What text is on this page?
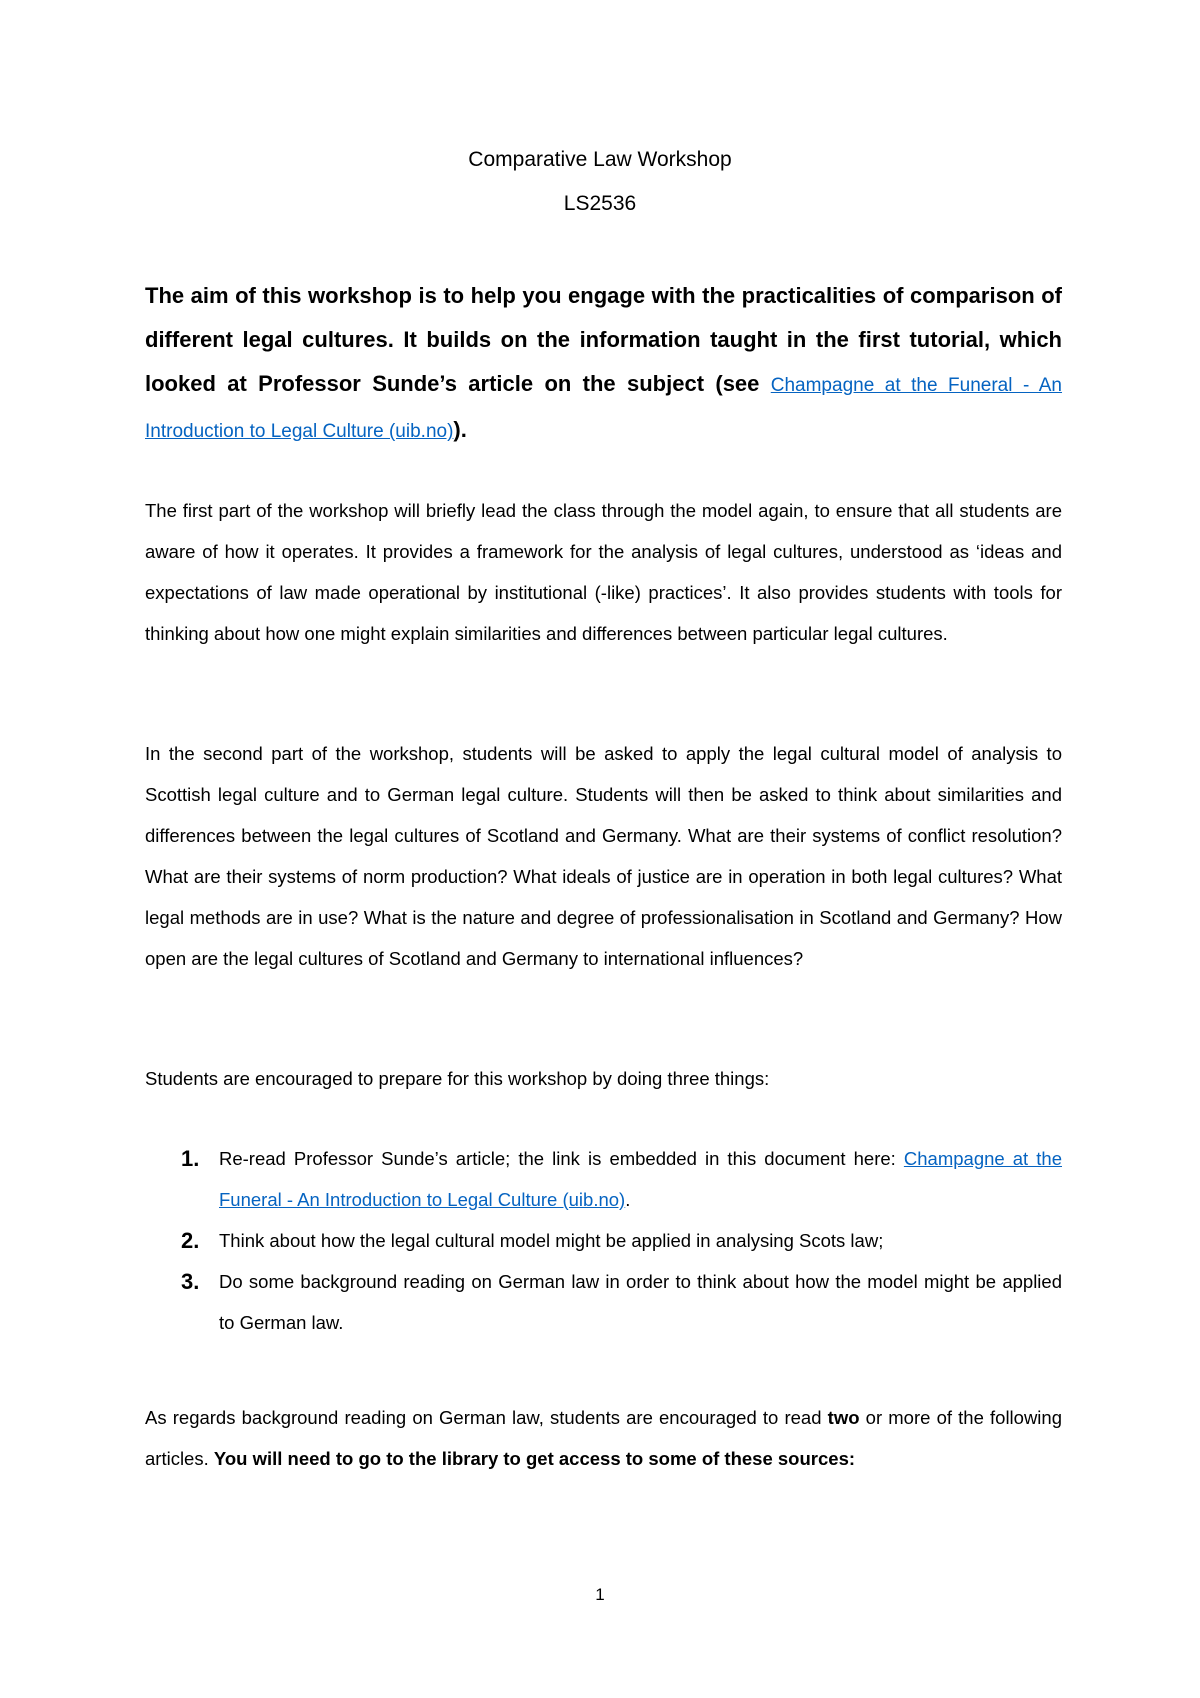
Comparative Law Workshop
LS2536
The aim of this workshop is to help you engage with the practicalities of comparison of different legal cultures. It builds on the information taught in the first tutorial, which looked at Professor Sunde’s article on the subject (see Champagne at the Funeral - An Introduction to Legal Culture (uib.no)).
The first part of the workshop will briefly lead the class through the model again, to ensure that all students are aware of how it operates. It provides a framework for the analysis of legal cultures, understood as ‘ideas and expectations of law made operational by institutional (-like) practices’. It also provides students with tools for thinking about how one might explain similarities and differences between particular legal cultures.
In the second part of the workshop, students will be asked to apply the legal cultural model of analysis to Scottish legal culture and to German legal culture. Students will then be asked to think about similarities and differences between the legal cultures of Scotland and Germany. What are their systems of conflict resolution? What are their systems of norm production? What ideals of justice are in operation in both legal cultures? What legal methods are in use? What is the nature and degree of professionalisation in Scotland and Germany? How open are the legal cultures of Scotland and Germany to international influences?
Students are encouraged to prepare for this workshop by doing three things:
1. Re-read Professor Sunde’s article; the link is embedded in this document here: Champagne at the Funeral - An Introduction to Legal Culture (uib.no).
2. Think about how the legal cultural model might be applied in analysing Scots law;
3. Do some background reading on German law in order to think about how the model might be applied to German law.
As regards background reading on German law, students are encouraged to read two or more of the following articles. You will need to go to the library to get access to some of these sources:
1
